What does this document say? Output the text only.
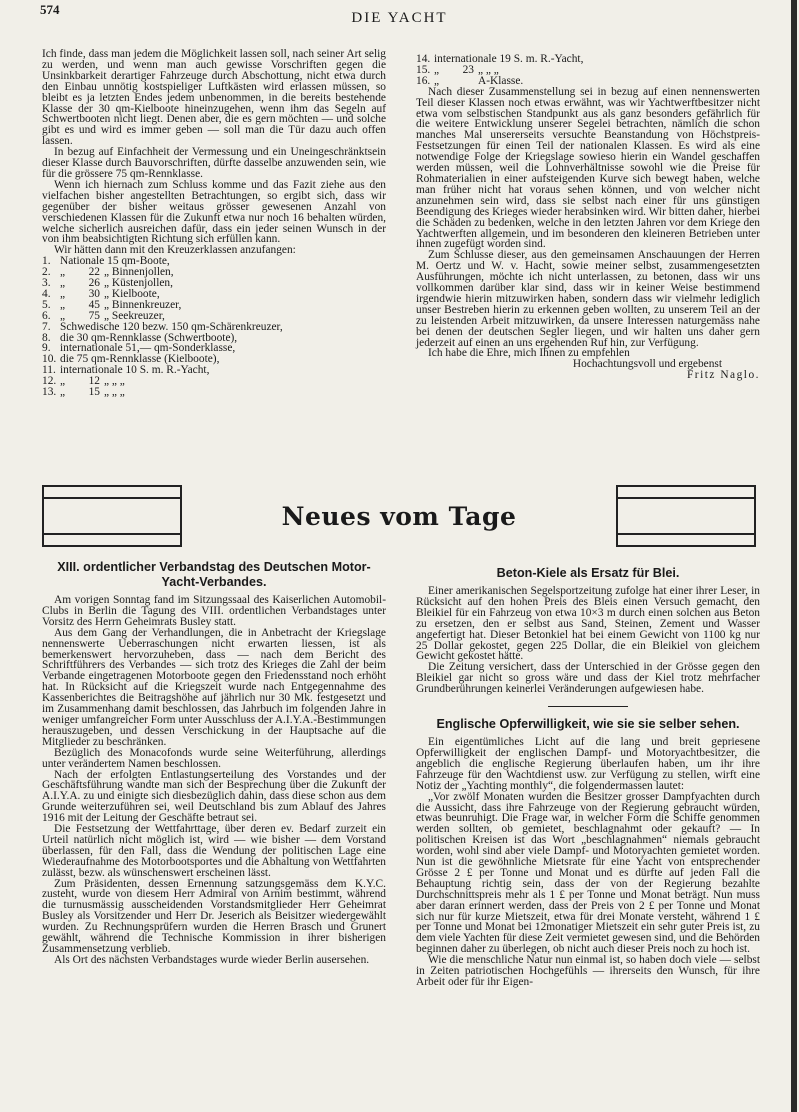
574
DIE YACHT

Ich finde, dass man jedem die Möglichkeit lassen soll, nach seiner Art selig zu werden, und wenn man auch gewisse Vorschriften gegen die Unsinkbarkeit derartiger Fahrzeuge durch Abschottung, nicht etwa durch den Einbau unnötig kostspieliger Luftkästen wird erlassen müssen, so bleibt es ja letzten Endes jedem unbenommen, in die bereits bestehende Klasse der 30 qm-Kielboote hineinzugehen, wenn ihm das Segeln auf Schwertbooten nicht liegt. Denen aber, die es gern möchten — und solche gibt es und wird es immer geben — soll man die Tür dazu auch offen lassen.

In bezug auf Einfachheit der Vermessung und ein Uneingeschränktsein dieser Klasse durch Bauvorschriften, dürfte dasselbe anzuwenden sein, wie für die grössere 75 qm-Rennklasse.

Wenn ich hiernach zum Schluss komme und das Fazit ziehe aus den vielfachen bisher angestellten Betrachtungen, so ergibt sich, dass wir gegenüber der bisher weitaus grösser gewesenen Anzahl von verschiedenen Klassen für die Zukunft etwa nur noch 16 behalten würden, welche sicherlich ausreichen dafür, dass ein jeder seinen Wunsch in der von ihm beabsichtigten Richtung sich erfüllen kann.

Wir hätten dann mit den Kreuzerklassen anzufangen:

1. Nationale 15 qm-Boote,
2. „ 22 „ Binnenjollen,
3. „ 26 „ Küstenjollen,
4. „ 30 „ Kielboote,
5. „ 45 „ Binnenkreuzer,
6. „ 75 „ Seekreuzer,
7. Schwedische 120 bezw. 150 qm-Schärenkreuzer,
8. die 30 qm-Rennklasse (Schwertboote),
9. internationale 51,— qm-Sonderklasse,
10. die 75 qm-Rennklasse (Kielboote),
11. internationale 10 S. m. R.-Yacht,
12. „ 12 „ „ „
13. „ 15 „ „ „
14. internationale 19 S. m. R.-Yacht,
15. „ 23 „ „ „
16. „	A-Klasse.

Nach dieser Zusammenstellung sei in bezug auf einen nennenswerten Teil dieser Klassen noch etwas erwähnt, was wir Yachtwerftbesitzer nicht etwa vom selbstischen Standpunkt aus als ganz besonders gefährlich für die weitere Entwicklung unserer Segelei betrachten, nämlich die schon manches Mal unsererseits versuchte Beanstandung von Höchstpreis-Festsetzungen für einen Teil der nationalen Klassen. Es wird als eine notwendige Folge der Kriegslage sowieso hierin ein Wandel geschaffen werden müssen, weil die Lohnverhältnisse sowohl wie die Preise für Rohmaterialien in einer aufsteigenden Kurve sich bewegt haben, welche man früher nicht hat voraus sehen können, und von welcher nicht anzunehmen sein wird, dass sie selbst nach einer für uns günstigen Beendigung des Krieges wieder herabsinken wird. Wir bitten daher, hierbei die Schäden zu bedenken, welche in den letzten Jahren vor dem Kriege den Yachtwerften allgemein, und im besonderen den kleineren Betrieben unter ihnen zugefügt worden sind.

Zum Schlusse dieser, aus den gemeinsamen Anschauungen der Herren M. Oertz und W. v. Hacht, sowie meiner selbst, zusammengesetzten Ausführungen, möchte ich nicht unterlassen, zu betonen, dass wir uns vollkommen darüber klar sind, dass wir in keiner Weise bestimmend irgendwie hierin mitzuwirken haben, sondern dass wir vielmehr lediglich unser Bestreben hierin zu erkennen geben wollten, zu unserem Teil an der zu leistenden Arbeit mitzuwirken, da unsere Interessen naturgemäss nahe bei denen der deutschen Segler liegen, und wir halten uns daher gern jederzeit auf einen an uns ergehenden Ruf hin, zur Verfügung.

Ich habe die Ehre, mich Ihnen zu empfehlen

Hochachtungsvoll und ergebenst
Fritz Naglo.
Neues vom Tage
XIII. ordentlicher Verbandstag des Deutschen Motor-Yacht-Verbandes.

Am vorigen Sonntag fand im Sitzungssaal des Kaiserlichen Automobil-Clubs in Berlin die Tagung des VIII. ordentlichen Verbandstages unter Vorsitz des Herrn Geheimrats Busley statt.

Aus dem Gang der Verhandlungen, die in Anbetracht der Kriegslage nennenswerte Ueberraschungen nicht erwarten liessen, ist als bemerkenswert hervorzuheben, dass — nach dem Bericht des Schriftführers des Verbandes — sich trotz des Krieges die Zahl der beim Verbande eingetragenen Motorboote gegen den Friedensstand noch erhöht hat. In Rücksicht auf die Kriegszeit wurde nach Entgegennahme des Kassenberichtes die Beitragshöhe auf jährlich nur 30 Mk. festgesetzt und im Zusammenhang damit beschlossen, das Jahrbuch im folgenden Jahre in weniger umfangreicher Form unter Ausschluss der A.I.Y.A.-Bestimmungen herauszugeben, und dessen Verschickung in der Hauptsache auf die Mitglieder zu beschränken.

Bezüglich des Monacofonds wurde seine Weiterführung, allerdings unter verändertem Namen beschlossen.

Nach der erfolgten Entlastungserteilung des Vorstandes und der Geschäftsführung wandte man sich der Besprechung über die Zukunft der A.I.Y.A. zu und einigte sich diesbezüglich dahin, dass diese schon aus dem Grunde weiterzuführen sei, weil Deutschland bis zum Ablauf des Jahres 1916 mit der Leitung der Geschäfte betraut sei.

Die Festsetzung der Wettfahrttage, über deren ev. Bedarf zurzeit ein Urteil natürlich nicht möglich ist, wird — wie bisher — dem Vorstand überlassen, für den Fall, dass die Wendung der politischen Lage eine Wiederaufnahme des Motorbootsportes und die Abhaltung von Wettfahrten zulässt, bezw. als wünschenswert erscheinen lässt.

Zum Präsidenten, dessen Ernennung satzungsgemäss dem K.Y.C. zusteht, wurde von diesem Herr Admiral von Arnim bestimmt, während die turnusmässig ausscheidenden Vorstandsmitglieder Herr Geheimrat Busley als Vorsitzender und Herr Dr. Jeserich als Beisitzer wiedergewählt wurden. Zu Rechnungsprüfern wurden die Herren Brasch und Grunert gewählt, während die Technische Kommission in ihrer bisherigen Zusammensetzung verblieb.

Als Ort des nächsten Verbandstages wurde wieder Berlin ausersehen.

Beton-Kiele als Ersatz für Blei.

Einer amerikanischen Segelsportzeitung zufolge hat einer ihrer Leser, in Rücksicht auf den hohen Preis des Bleis einen Versuch gemacht, den Bleikiel für ein Fahrzeug von etwa 10×3 m durch einen solchen aus Beton zu ersetzen, den er selbst aus Sand, Steinen, Zement und Wasser angefertigt hat. Dieser Betonkiel hat bei einem Gewicht von 1100 kg nur 25 Dollar gekostet, gegen 225 Dollar, die ein Bleikiel von gleichem Gewicht gekostet hätte.

Die Zeitung versichert, dass der Unterschied in der Grösse gegen den Bleikiel gar nicht so gross wäre und dass der Kiel trotz mehrfacher Grundberührungen keinerlei Veränderungen aufgewiesen habe.

Englische Opferwilligkeit, wie sie sie selber sehen.

Ein eigentümliches Licht auf die lang und breit gepriesene Opferwilligkeit der englischen Dampf- und Motoryachtbesitzer, die angeblich die englische Regierung überlaufen haben, um ihr ihre Fahrzeuge für den Wachtdienst usw. zur Verfügung zu stellen, wirft eine Notiz der „Yachting monthly“, die folgendermassen lautet:

„Vor zwölf Monaten wurden die Besitzer grosser Dampfyachten durch die Aussicht, dass ihre Fahrzeuge von der Regierung gebraucht würden, etwas beunruhigt. Die Frage war, in welcher Form die Schiffe genommen werden sollten, ob gemietet, beschlagnahmt oder gekauft? — In politischen Kreisen ist das Wort „beschlagnahmen“ niemals gebraucht worden, wohl sind aber viele Dampf- und Motoryachten gemietet worden. Nun ist die gewöhnliche Mietsrate für eine Yacht von entsprechender Grösse 2 £ per Tonne und Monat und es dürfte auf jeden Fall die Behauptung richtig sein, dass der von der Regierung bezahlte Durchschnittspreis mehr als 1 £ per Tonne und Monat beträgt. Nun muss aber daran erinnert werden, dass der Preis von 2 £ per Tonne und Monat sich nur für kurze Mietszeit, etwa für drei Monate versteht, während 1 £ per Tonne und Monat bei 12monatiger Mietszeit ein sehr guter Preis ist, zu dem viele Yachten für diese Zeit vermietet gewesen sind, und die Behörden beginnen daher zu überlegen, ob nicht auch dieser Preis noch zu hoch ist.

Wie die menschliche Natur nun einmal ist, so haben doch viele — selbst in Zeiten patriotischen Hochgefühls — ihrerseits den Wunsch, für ihre Arbeit oder für ihr Eigen-
